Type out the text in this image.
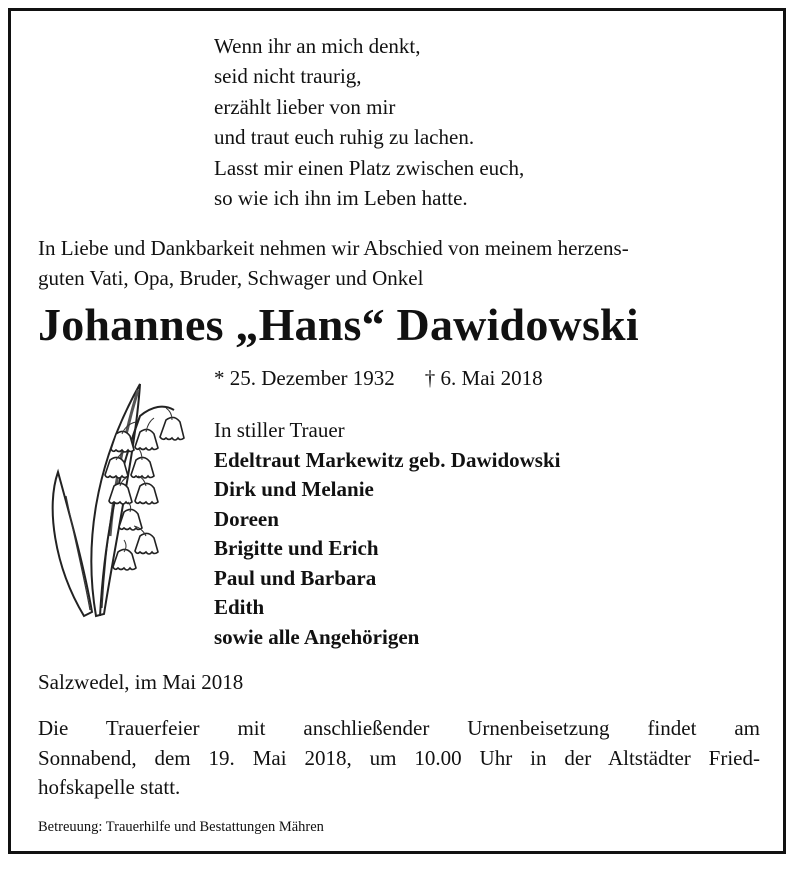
Wenn ihr an mich denkt,
seid nicht traurig,
erzählt lieber von mir
und traut euch ruhig zu lachen.
Lasst mir einen Platz zwischen euch,
so wie ich ihn im Leben hatte.
In Liebe und Dankbarkeit nehmen wir Abschied von meinem herzens-
guten Vati, Opa, Bruder, Schwager und Onkel
Johannes „Hans“ Dawidowski
* 25. Dezember 1932 † 6. Mai 2018
In stiller Trauer
Edeltraut Markewitz geb. Dawidowski
Dirk und Melanie
Doreen
Brigitte und Erich
Paul und Barbara
Edith
sowie alle Angehörigen
Salzwedel, im Mai 2018
Die Trauerfeier mit anschließender Urnenbeisetzung findet am
Sonnabend, dem 19. Mai 2018, um 10.00 Uhr in der Altstädter Fried-
hofskapelle statt.
Betreuung: Trauerhilfe und Bestattungen Mähren
